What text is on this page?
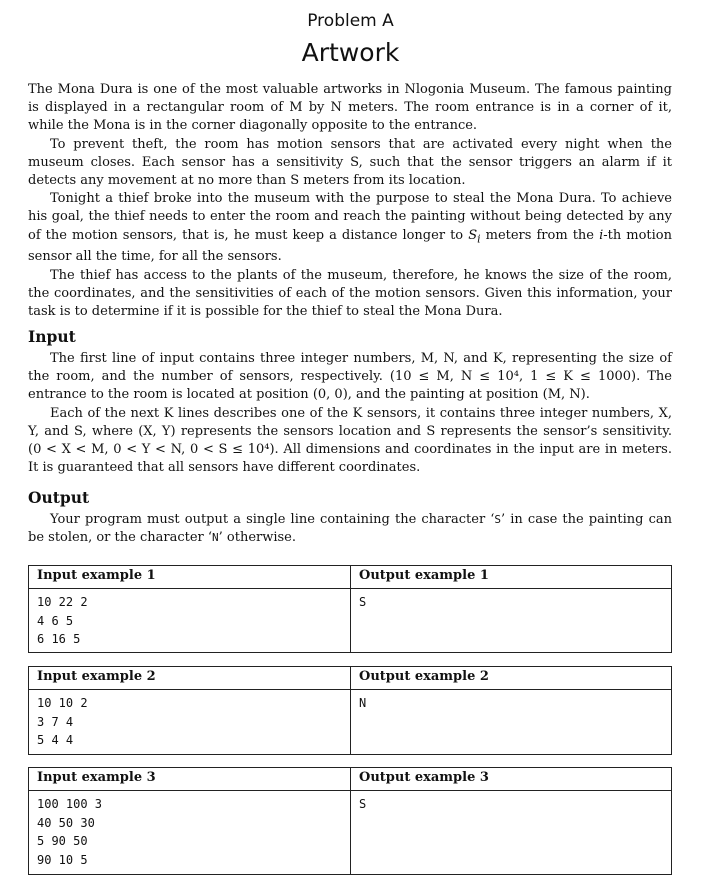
Problem A
Artwork

The Mona Dura is one of the most valuable artworks in Nlogonia Museum. The famous painting is displayed in a rectangular room of M by N meters. The room entrance is in a corner of it, while the Mona is in the corner diagonally opposite to the entrance.

To prevent theft, the room has motion sensors that are activated every night when the museum closes. Each sensor has a sensitivity S, such that the sensor triggers an alarm if it detects any movement at no more than S meters from its location.

Tonight a thief broke into the museum with the purpose to steal the Mona Dura. To achieve his goal, the thief needs to enter the room and reach the painting without being detected by any of the motion sensors, that is, he must keep a distance longer to $S_i$ meters from the i-th motion sensor all the time, for all the sensors.

The thief has access to the plants of the museum, therefore, he knows the size of the room, the coordinates, and the sensitivities of each of the motion sensors. Given this information, your task is to determine if it is possible for the thief to steal the Mona Dura.

Input

The first line of input contains three integer numbers, M, N, and K, representing the size of the room, and the number of sensors, respectively. (10 ≤ M, N ≤ 10⁴, 1 ≤ K ≤ 1000). The entrance to the room is located at position (0, 0), and the painting at position (M, N).

Each of the next K lines describes one of the K sensors, it contains three integer numbers, X, Y, and S, where (X, Y) represents the sensors location and S represents the sensor’s sensitivity. (0 < X < M, 0 < Y < N, 0 < S ≤ 10⁴). All dimensions and coordinates in the input are in meters. It is guaranteed that all sensors have different coordinates.

Output

Your program must output a single line containing the character ‘S’ in case the painting can be stolen, or the character ‘N’ otherwise.

Input example 1
10 22 2
4 6 5
6 16 5
Output example 1
S
Input example 2
10 10 2
3 7 4
5 4 4
Output example 2
N
Input example 3
100 100 3
40 50 30
5 90 50
90 10 5
Output example 3
S
